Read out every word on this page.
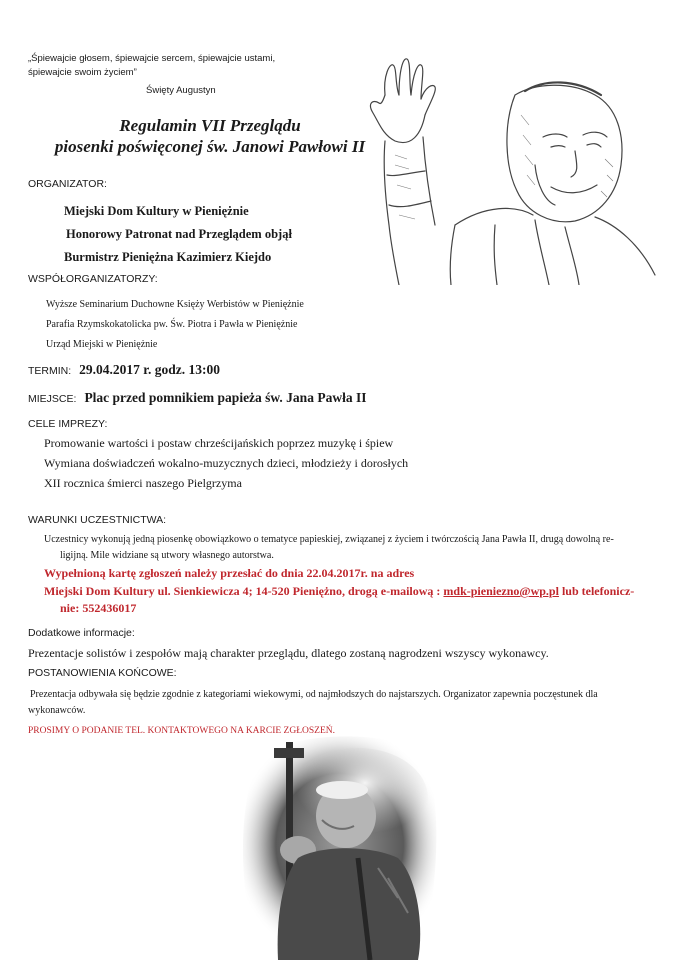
„Śpiewajcie głosem, śpiewajcie sercem, śpiewajcie ustami,
śpiewajcie swoim życiem”
Święty Augustyn
Regulamin VII Przeglądu
piosenki poświęconej św. Janowi Pawłowi II
ORGANIZATOR:
Miejski Dom Kultury w Pieniężnie
Honorowy Patronat nad Przeglądem objął
Burmistrz Pieniężna Kazimierz Kiejdo
WSPÓŁORGANIZATORZY:
Wyższe Seminarium Duchowne Księży Werbistów w Pieniężnie
Parafia Rzymskokatolicka pw. Św. Piotra i Pawła w Pieniężnie
Urząd Miejski w Pieniężnie
TERMIN: 29.04.2017 r. godz. 13:00
MIEJSCE: Plac przed pomnikiem papieża św. Jana Pawła II
CELE IMPREZY:
Promowanie wartości i postaw chrześcijańskich poprzez muzykę i śpiew
Wymiana doświadczeń wokalno-muzycznych dzieci, młodzieży i dorosłych
XII rocznica śmierci naszego Pielgrzyma
WARUNKI UCZESTNICTWA:
Uczestnicy wykonują jedną piosenkę obowiązkowo o tematyce papieskiej, związanej z życiem i twórczością Jana Pawła II, drugą dowolną re-
ligijną. Mile widziane są utwory własnego autorstwa.
Wypełnioną kartę zgłoszeń należy przesłać do dnia 22.04.2017r. na adres
Miejski Dom Kultury ul. Sienkiewicza 4; 14-520 Pieniężno, drogą e-mailową : mdk-pieniezno@wp.pl lub telefonicz-
nie: 552436017
Dodatkowe informacje:
Prezentacje solistów i zespołów mają charakter przeglądu, dlatego zostaną nagrodzeni wszyscy wykonawcy.
POSTANOWIENIA KOŃCOWE:
Prezentacja odbywała się będzie zgodnie z kategoriami wiekowymi, od najmłodszych do najstarszych. Organizator zapewnia poczęstunek dla
wykonawców.
PROSIMY O PODANIE TEL. KONTAKTOWEGO NA KARCIE ZGŁOSZEŃ.
